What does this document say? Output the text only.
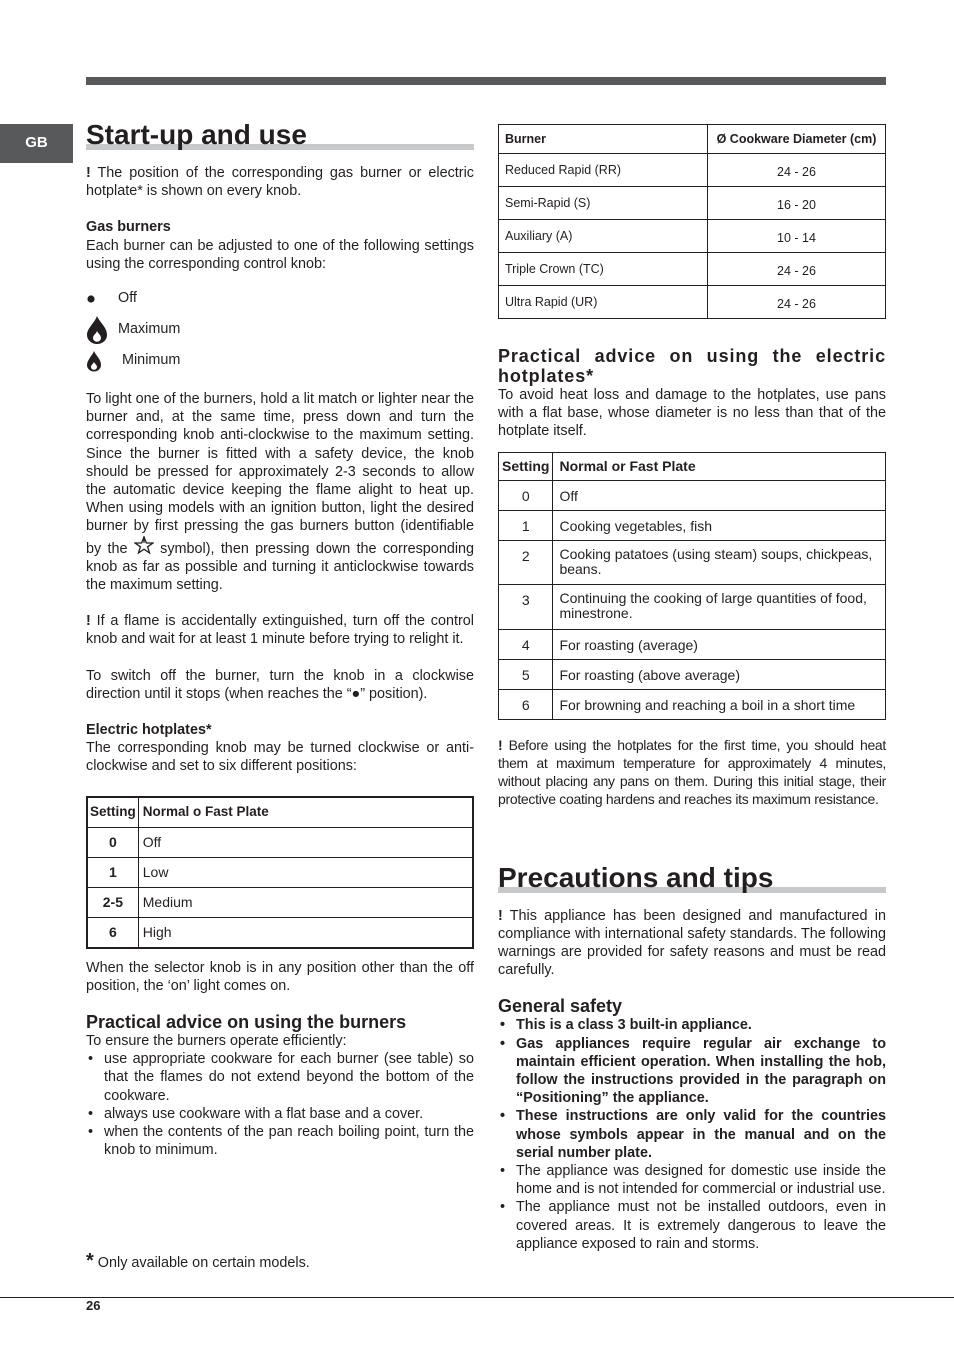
GB	Start-up and use

! The position of the corresponding gas burner or electric hotplate* is shown on every knob.

Gas burners

Each burner can be adjusted to one of the following settings using the corresponding control knob:

Off
Maximum
Minimum

To light one of the burners, hold a lit match or lighter near the burner and, at the same time, press down and turn the corresponding knob anti-clockwise to the maximum setting. Since the burner is fitted with a safety device, the knob should be pressed for approximately 2-3 seconds to allow the automatic device keeping the flame alight to heat up. When using models with an ignition button, light the desired burner by first pressing the gas burners button (identifiable by the symbol), then pressing down the corresponding knob as far as possible and turning it anticlockwise towards the maximum setting.

! If a flame is accidentally extinguished, turn off the control knob and wait for at least 1 minute before trying to relight it.

To switch off the burner, turn the knob in a clockwise direction until it stops (when reaches the “●” position).

Electric hotplates*

The corresponding knob may be turned clockwise or anti-clockwise and set to six different positions:

Setting	Normal o Fast Plate
0	Off
1	Low
2-5	Medium
6	High

When the selector knob is in any position other than the off position, the ‘on’ light comes on.

Practical advice on using the burners

To ensure the burners operate efficiently:

• use appropriate cookware for each burner (see table) so that the flames do not extend beyond the bottom of the cookware.
• always use cookware with a flat base and a cover.
• when the contents of the pan reach boiling point, turn the knob to minimum.
Burner	Ø Cookware Diameter (cm)
Reduced Rapid (RR)	24 - 26
Semi-Rapid (S)	16 - 20
Auxiliary (A)	10 - 14
Triple Crown (TC)	24 - 26
Ultra Rapid (UR)	24 - 26
Practical advice on using the electric hotplates*

To avoid heat loss and damage to the hotplates, use pans with a flat base, whose diameter is no less than that of the hotplate itself.

Setting	Normal or Fast Plate
0	Off
1	Cooking vegetables, fish
2	Cooking patatoes (using steam) soups, chickpeas, beans.
3	Continuing the cooking of large quantities of food, minestrone.
4	For roasting (average)
5	For roasting (above average)
6	For browning and reaching a boil in a short time

! Before using the hotplates for the first time, you should heat them at maximum temperature for approximately 4 minutes, without placing any pans on them. During this initial stage, their protective coating hardens and reaches its maximum resistance.

Precautions and tips

! This appliance has been designed and manufactured in compliance with international safety standards. The following warnings are provided for safety reasons and must be read carefully.

General safety
• This is a class 3 built-in appliance.
• Gas appliances require regular air exchange to maintain efficient operation. When installing the hob, follow the instructions provided in the paragraph on “Positioning” the appliance.
• These instructions are only valid for the countries whose symbols appear in the manual and on the serial number plate.
• The appliance was designed for domestic use inside the home and is not intended for commercial or industrial use.
• The appliance must not be installed outdoors, even in covered areas. It is extremely dangerous to leave the appliance exposed to rain and storms.
* Only available on certain models.
26
